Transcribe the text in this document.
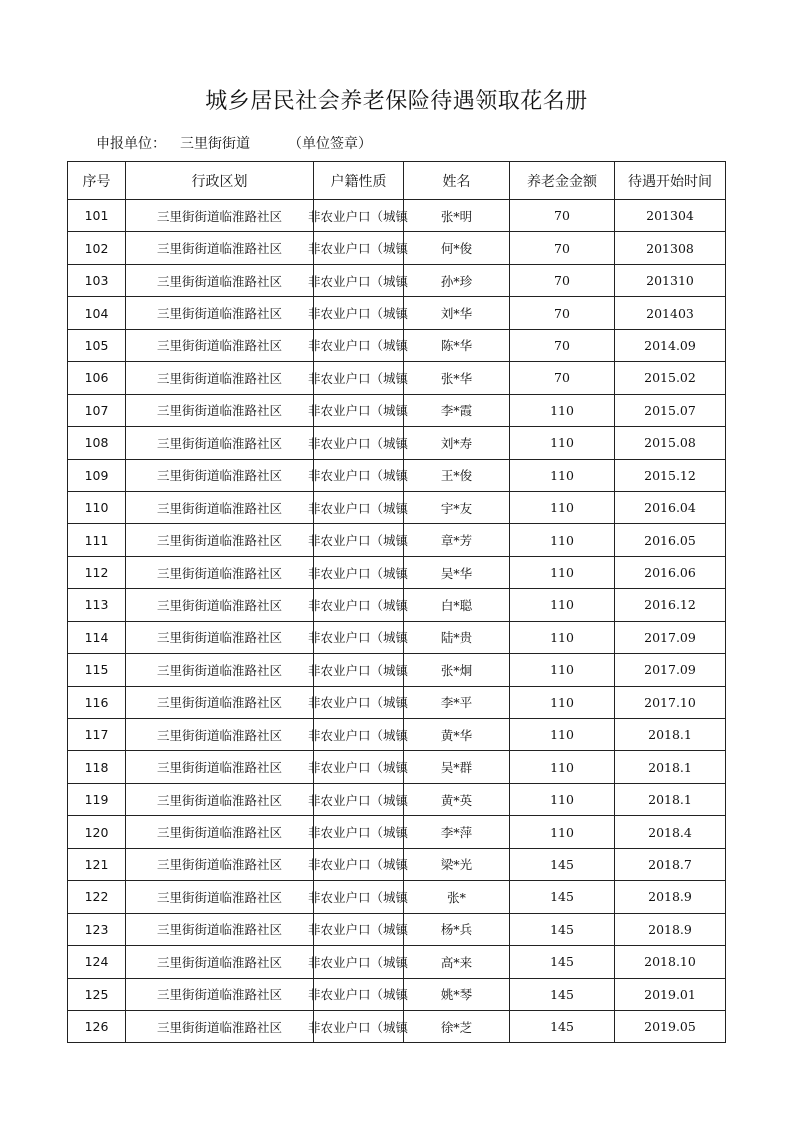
城乡居民社会养老保险待遇领取花名册
申报单位： 三里街街道	（单位签章）
序号	行政区划	户籍性质	姓名	养老金金额	待遇开始时间
101	三里街街道临淮路社区	非农业户口（城镇	张*明	70	201304
102	三里街街道临淮路社区	非农业户口（城镇	何*俊	70	201308
103	三里街街道临淮路社区	非农业户口（城镇	孙*珍	70	201310
104	三里街街道临淮路社区	非农业户口（城镇	刘*华	70	201403
105	三里街街道临淮路社区	非农业户口（城镇	陈*华	70	2014.09
106	三里街街道临淮路社区	非农业户口（城镇	张*华	70	2015.02
107	三里街街道临淮路社区	非农业户口（城镇	李*霞	110	2015.07
108	三里街街道临淮路社区	非农业户口（城镇	刘*寿	110	2015.08
109	三里街街道临淮路社区	非农业户口（城镇	王*俊	110	2015.12
110	三里街街道临淮路社区	非农业户口（城镇	宇*友	110	2016.04
111	三里街街道临淮路社区	非农业户口（城镇	章*芳	110	2016.05
112	三里街街道临淮路社区	非农业户口（城镇	吴*华	110	2016.06
113	三里街街道临淮路社区	非农业户口（城镇	白*聪	110	2016.12
114	三里街街道临淮路社区	非农业户口（城镇	陆*贵	110	2017.09
115	三里街街道临淮路社区	非农业户口（城镇	张*炯	110	2017.09
116	三里街街道临淮路社区	非农业户口（城镇	李*平	110	2017.10
117	三里街街道临淮路社区	非农业户口（城镇	黄*华	110	2018.1
118	三里街街道临淮路社区	非农业户口（城镇	吴*群	110	2018.1
119	三里街街道临淮路社区	非农业户口（城镇	黄*英	110	2018.1
120	三里街街道临淮路社区	非农业户口（城镇	李*萍	110	2018.4
121	三里街街道临淮路社区	非农业户口（城镇	梁*光	145	2018.7
122	三里街街道临淮路社区	非农业户口（城镇	张*	145	2018.9
123	三里街街道临淮路社区	非农业户口（城镇	杨*兵	145	2018.9
124	三里街街道临淮路社区	非农业户口（城镇	高*来	145	2018.10
125	三里街街道临淮路社区	非农业户口（城镇	姚*琴	145	2019.01
126	三里街街道临淮路社区	非农业户口（城镇	徐*芝	145	2019.05
